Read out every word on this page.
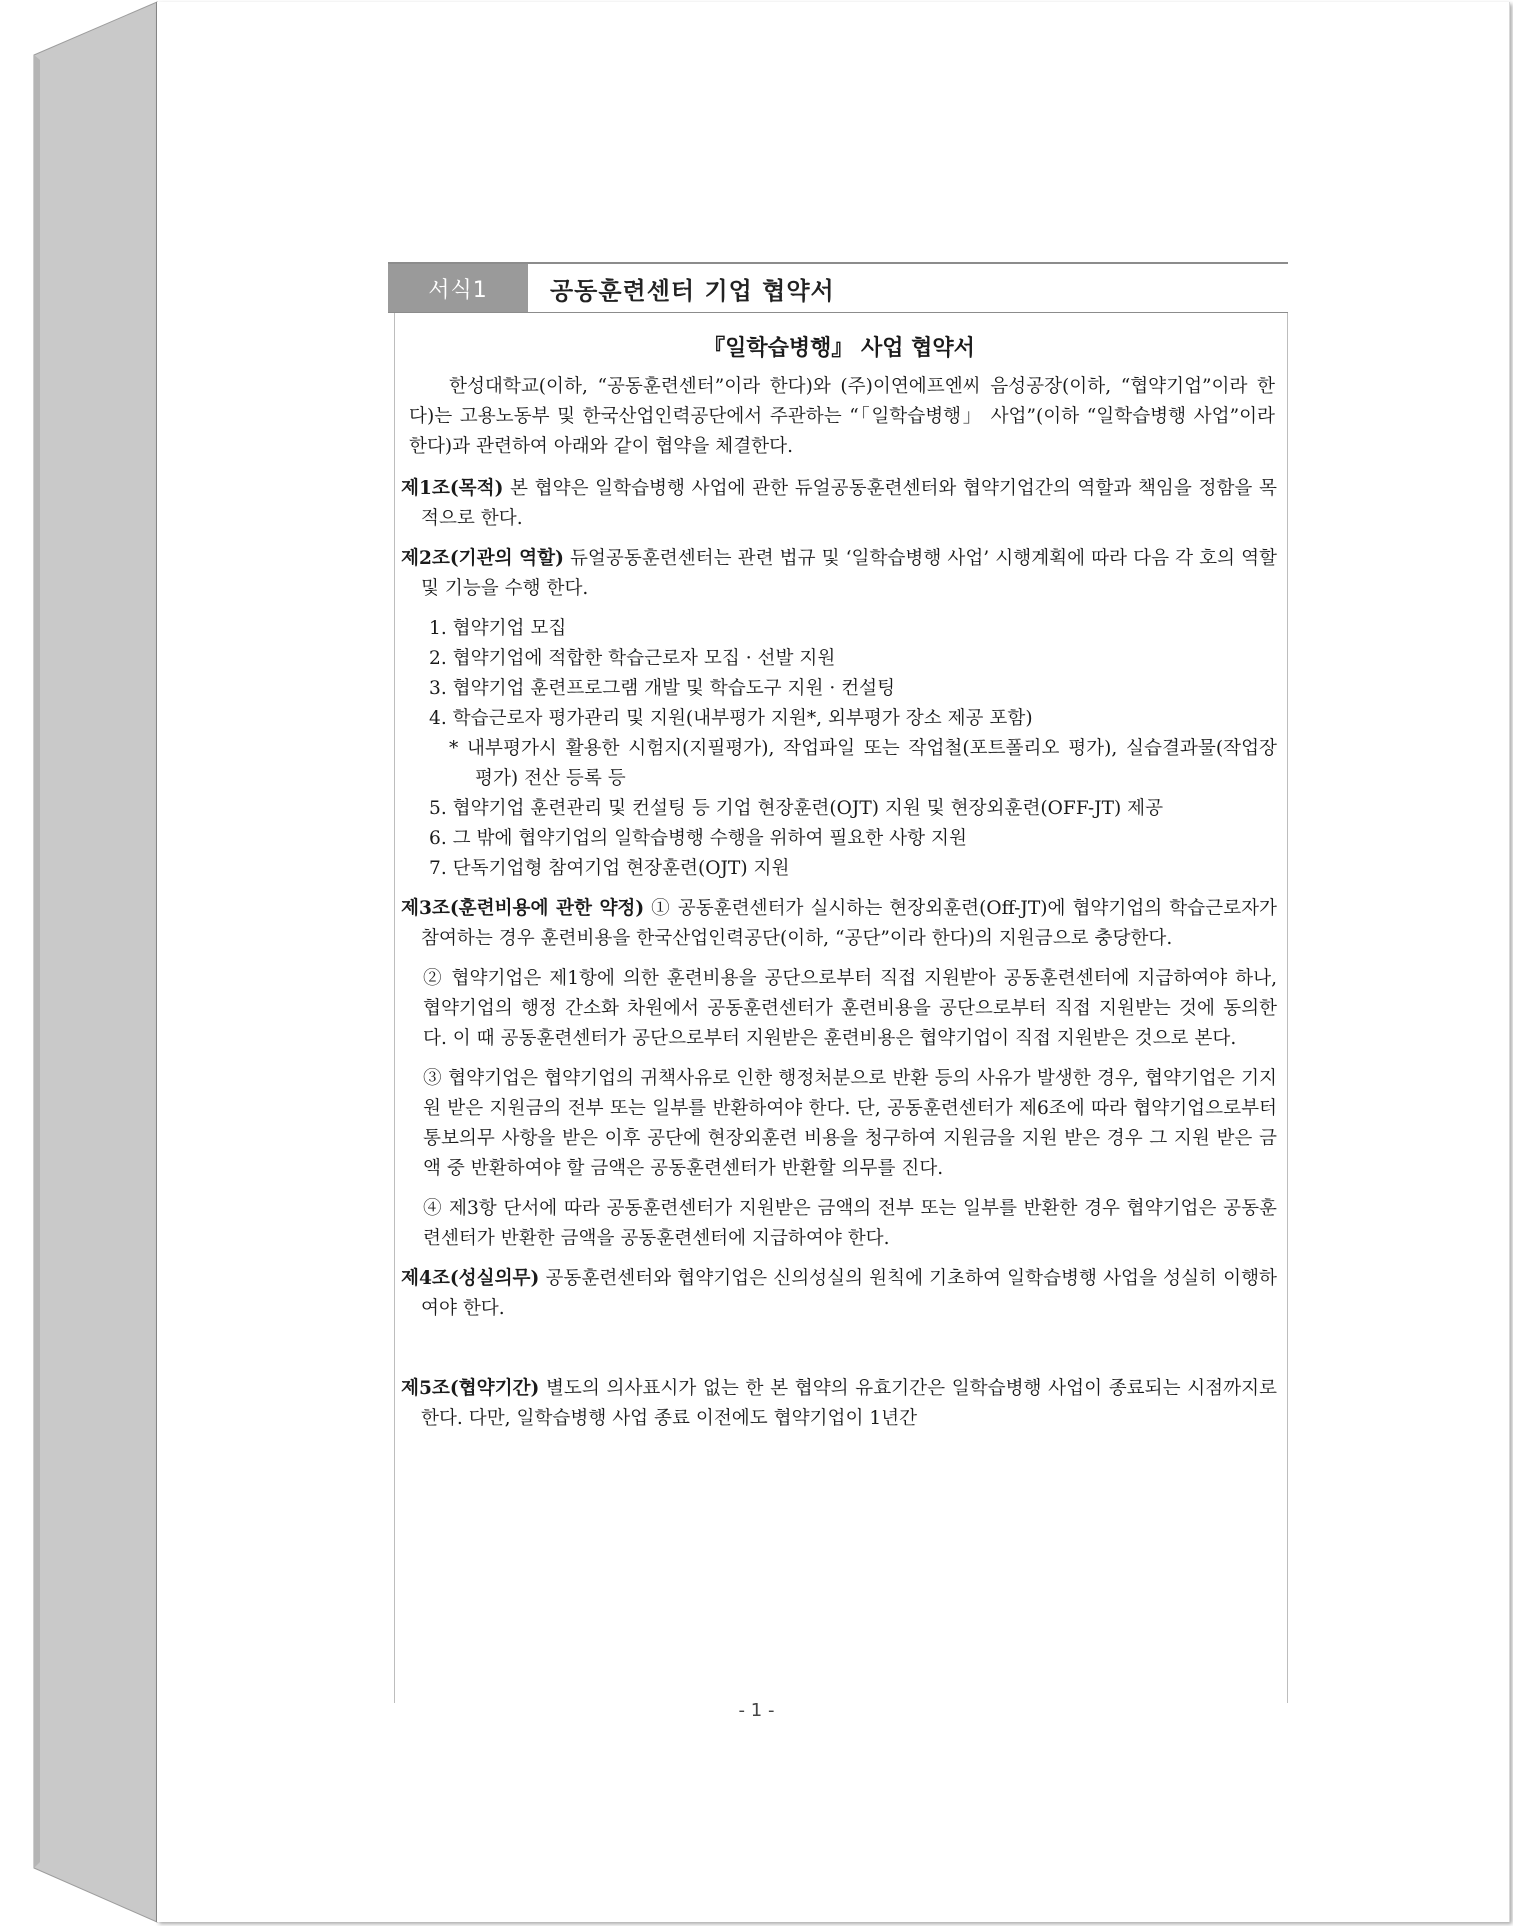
서식1	공동훈련센터 기업 협약서
『일학습병행』 사업 협약서

한성대학교(이하, “공동훈련센터”이라 한다)와 (주)이연에프엔씨 음성공장(이하, “협약기업”이라 한다)는 고용노동부 및 한국산업인력공단에서 주관하는 “「일학습병행」 사업”(이하 “일학습병행 사업”이라 한다)과 관련하여 아래와 같이 협약을 체결한다.

제1조(목적) 본 협약은 일학습병행 사업에 관한 듀얼공동훈련센터와 협약기업간의 역할과 책임을 정함을 목적으로 한다.

제2조(기관의 역할) 듀얼공동훈련센터는 관련 법규 및 ‘일학습병행 사업’ 시행계획에 따라 다음 각 호의 역할 및 기능을 수행 한다.

1. 협약기업 모집
2. 협약기업에 적합한 학습근로자 모집 · 선발 지원
3. 협약기업 훈련프로그램 개발 및 학습도구 지원 · 컨설팅
4. 학습근로자 평가관리 및 지원(내부평가 지원*, 외부평가 장소 제공 포함)
* 내부평가시 활용한 시험지(지필평가), 작업파일 또는 작업철(포트폴리오 평가), 실습결과물(작업장 평가) 전산 등록 등
5. 협약기업 훈련관리 및 컨설팅 등 기업 현장훈련(OJT) 지원 및 현장외훈련(OFF-JT) 제공
6. 그 밖에 협약기업의 일학습병행 수행을 위하여 필요한 사항 지원
7. 단독기업형 참여기업 현장훈련(OJT) 지원

제3조(훈련비용에 관한 약정) ① 공동훈련센터가 실시하는 현장외훈련(Off-JT)에 협약기업의 학습근로자가 참여하는 경우 훈련비용을 한국산업인력공단(이하, “공단”이라 한다)의 지원금으로 충당한다.

② 협약기업은 제1항에 의한 훈련비용을 공단으로부터 직접 지원받아 공동훈련센터에 지급하여야 하나, 협약기업의 행정 간소화 차원에서 공동훈련센터가 훈련비용을 공단으로부터 직접 지원받는 것에 동의한다. 이 때 공동훈련센터가 공단으로부터 지원받은 훈련비용은 협약기업이 직접 지원받은 것으로 본다.

③ 협약기업은 협약기업의 귀책사유로 인한 행정처분으로 반환 등의 사유가 발생한 경우, 협약기업은 기지원 받은 지원금의 전부 또는 일부를 반환하여야 한다. 단, 공동훈련센터가 제6조에 따라 협약기업으로부터 통보의무 사항을 받은 이후 공단에 현장외훈련 비용을 청구하여 지원금을 지원 받은 경우 그 지원 받은 금액 중 반환하여야 할 금액은 공동훈련센터가 반환할 의무를 진다.

④ 제3항 단서에 따라 공동훈련센터가 지원받은 금액의 전부 또는 일부를 반환한 경우 협약기업은 공동훈련센터가 반환한 금액을 공동훈련센터에 지급하여야 한다.

제4조(성실의무) 공동훈련센터와 협약기업은 신의성실의 원칙에 기초하여 일학습병행 사업을 성실히 이행하여야 한다.

제5조(협약기간) 별도의 의사표시가 없는 한 본 협약의 유효기간은 일학습병행 사업이 종료되는 시점까지로 한다. 다만, 일학습병행 사업 종료 이전에도 협약기업이 1년간

- 1 -
